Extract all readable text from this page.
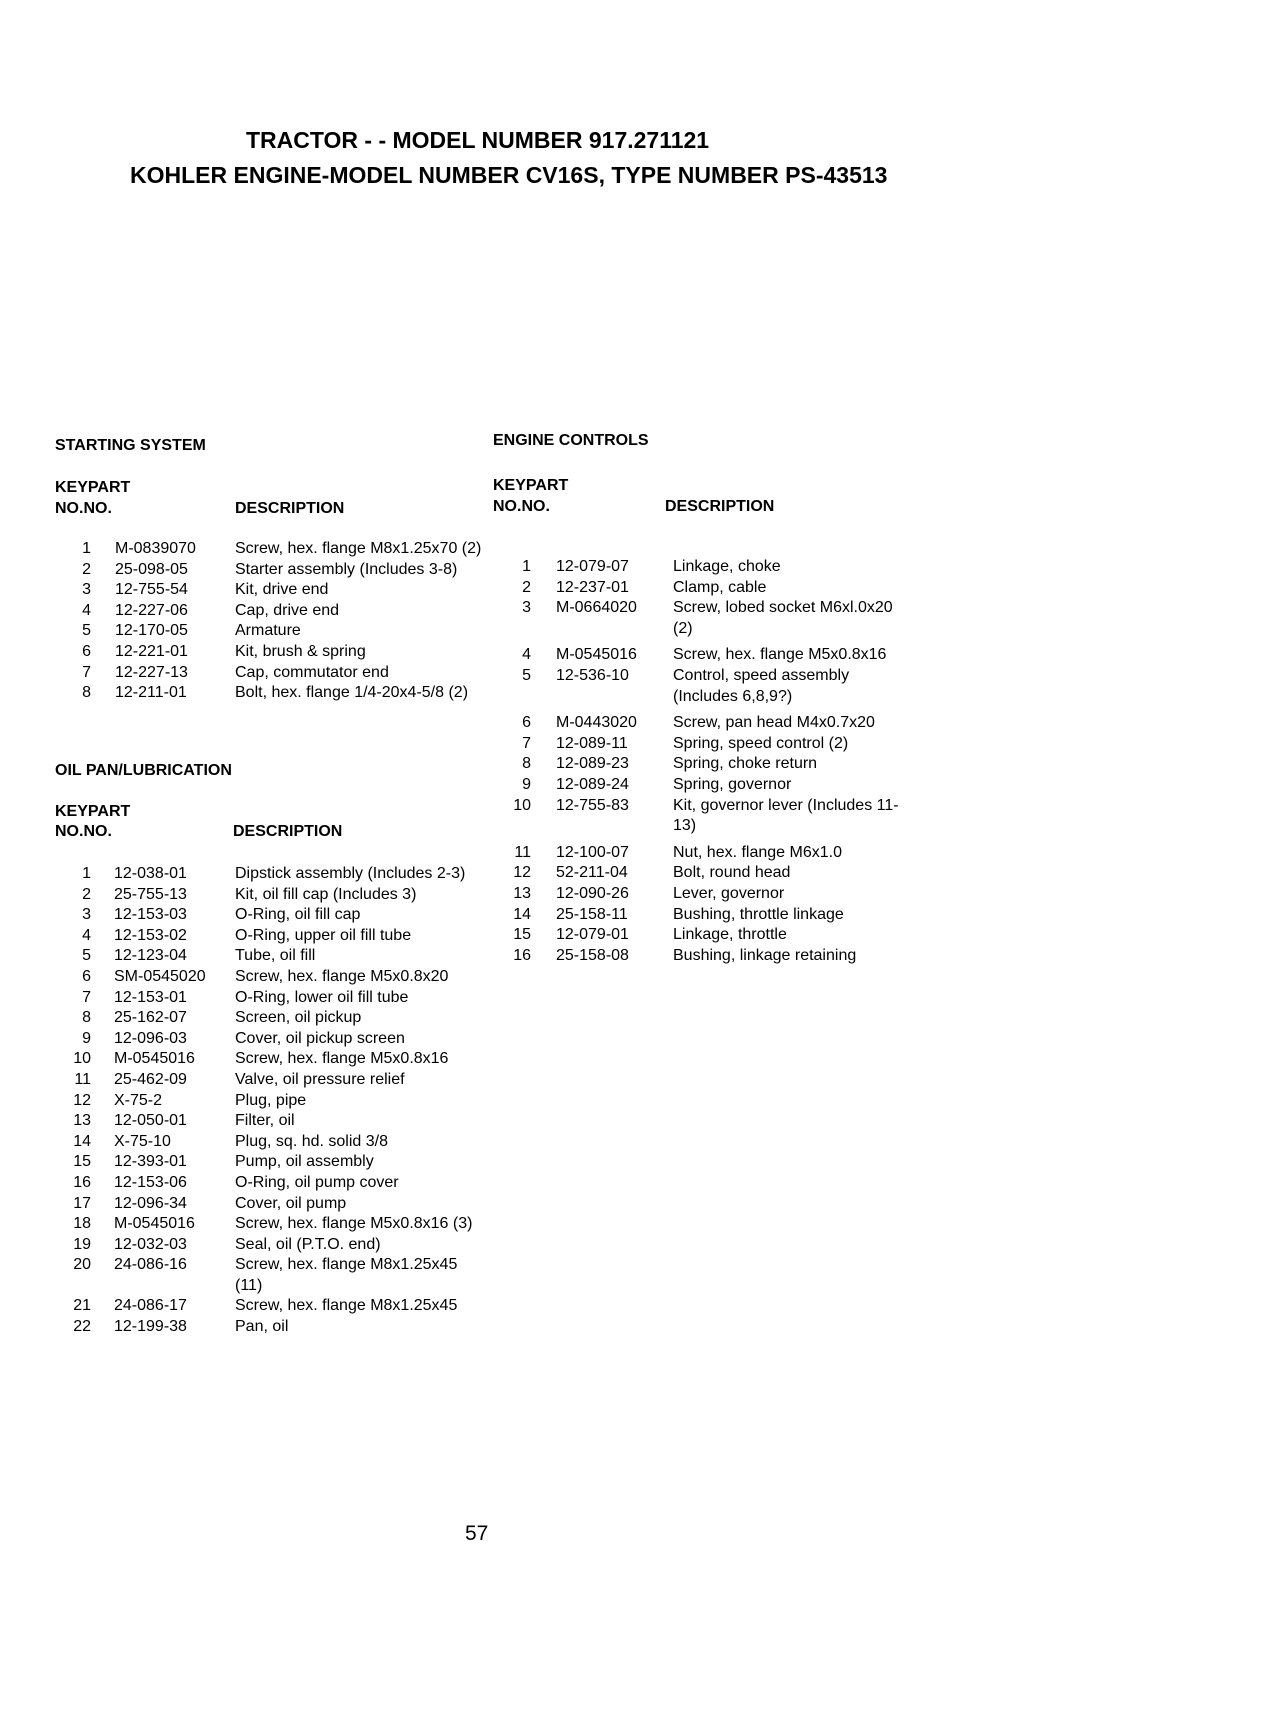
TRACTOR - - MODEL NUMBER 917.271121
KOHLER ENGINE-MODEL NUMBER CV16S, TYPE NUMBER PS-43513
STARTING SYSTEM
KEYPART
NO.NO.	DESCRIPTION
1 M-0839070 Screw, hex. flange M8x1.25x70 (2)
2 25-098-05	Starter assembly (Includes 3-8)
3 12-755-54	Kit, drive end
4 12-227-06	Cap, drive end
5 12-170-05	Armature
6 12-221-01	Kit, brush & spring
7 12-227-13	Cap, commutator end
8 12-211-01	Bolt, hex. flange 1/4-20x4-5/8 (2)
OIL PAN/LUBRICATION
KEYPART
NO.NO.	DESCRIPTION
1 12-038-01	Dipstick assembly (Includes 2-3)
2 25-755-13	Kit, oil fill cap (Includes 3)
3 12-153-03	O-Ring, oil fill cap
4 12-153-02	O-Ring, upper oil fill tube
5 12-123-04	Tube, oil fill
6 SM-0545020 Screw, hex. flange M5x0.8x20
7 12-153-01	O-Ring, lower oil fill tube
8 25-162-07	Screen, oil pickup
9 12-096-03	Cover, oil pickup screen
10 M-0545016	Screw, hex. flange M5x0.8x16
11 25-462-09	Valve, oil pressure relief
12 X-75-2	Plug, pipe
13 12-050-01	Filter, oil
14 X-75-10	Plug, sq. hd. solid 3/8
15 12-393-01	Pump, oil assembly
16 12-153-06	O-Ring, oil pump cover
17 12-096-34	Cover, oil pump
18 M-0545016	Screw, hex. flange M5x0.8x16 (3)
19 12-032-03	Seal, oil (P.T.O. end)
20 24-086-16	Screw, hex. flange M8x1.25x45 (11)
21 24-086-17	Screw, hex. flange M8x1.25x45
22 12-199-38	Pan, oil
ENGINE CONTROLS
KEYPART
NO.NO.	DESCRIPTION
1 12-079-07	Linkage, choke
2 12-237-01	Clamp, cable
3 M-0664020 Screw, lobed socket M6xl.0x20 (2)
4 M-0545016 Screw, hex. flange M5x0.8x16
5 12-536-10	Control, speed assembly (Includes 6,8,9?)
6 M-0443020 Screw, pan head M4x0.7x20
7 12-089-11	Spring, speed control (2)
8 12-089-23	Spring, choke return
9 12-089-24	Spring, governor
10 12-755-83	Kit, governor lever (Includes 11-13)
11 12-100-07	Nut, hex. flange M6x1.0
12 52-211-04	Bolt, round head
13 12-090-26	Lever, governor
14 25-158-11	Bushing, throttle linkage
15 12-079-01	Linkage, throttle
16 25-158-08	Bushing, linkage retaining
57
